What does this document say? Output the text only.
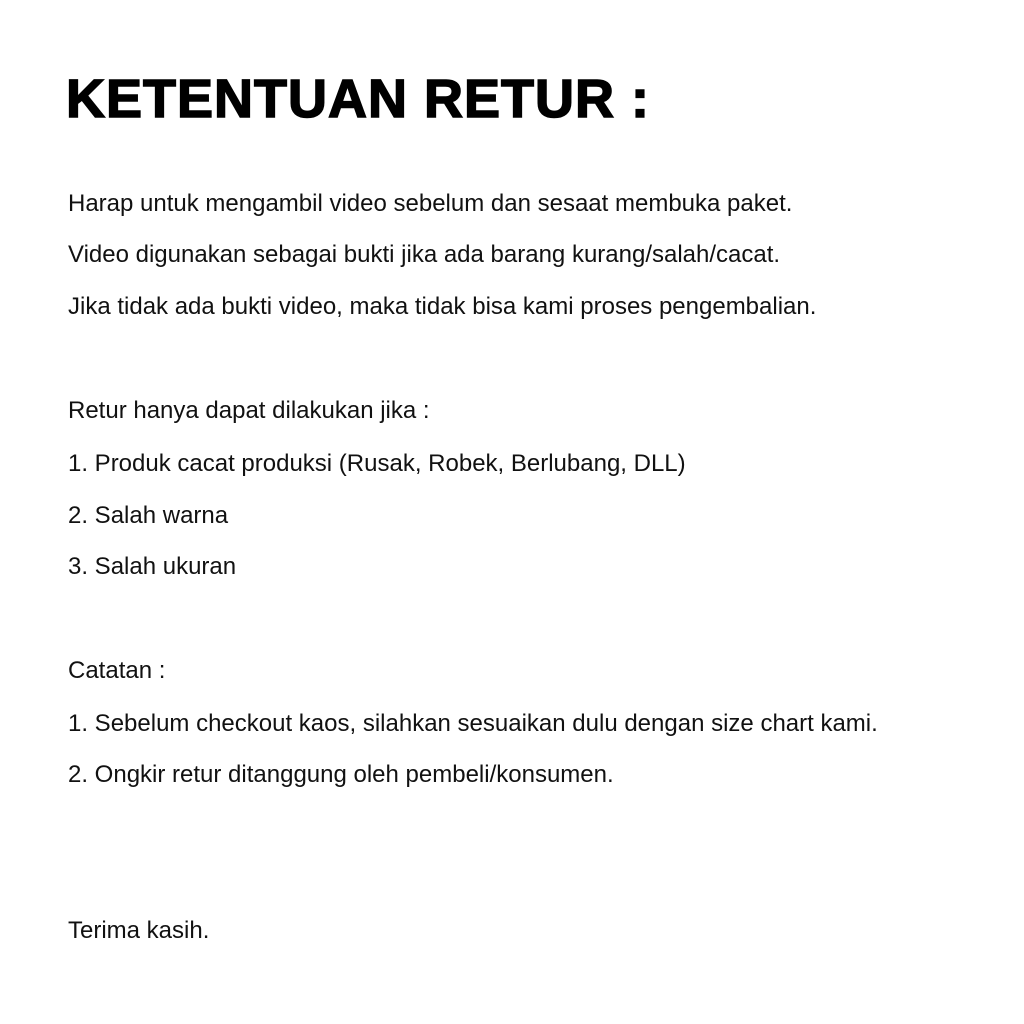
KETENTUAN RETUR :

Harap untuk mengambil video sebelum dan sesaat membuka paket.

Video digunakan sebagai bukti jika ada barang kurang/salah/cacat.

Jika tidak ada bukti video, maka tidak bisa kami proses pengembalian.

Retur hanya dapat dilakukan jika :

1. Produk cacat produksi (Rusak, Robek, Berlubang, DLL)

2. Salah warna

3. Salah ukuran

Catatan :

1. Sebelum checkout kaos, silahkan sesuaikan dulu dengan size chart kami.

2. Ongkir retur ditanggung oleh pembeli/konsumen.

Terima kasih.
